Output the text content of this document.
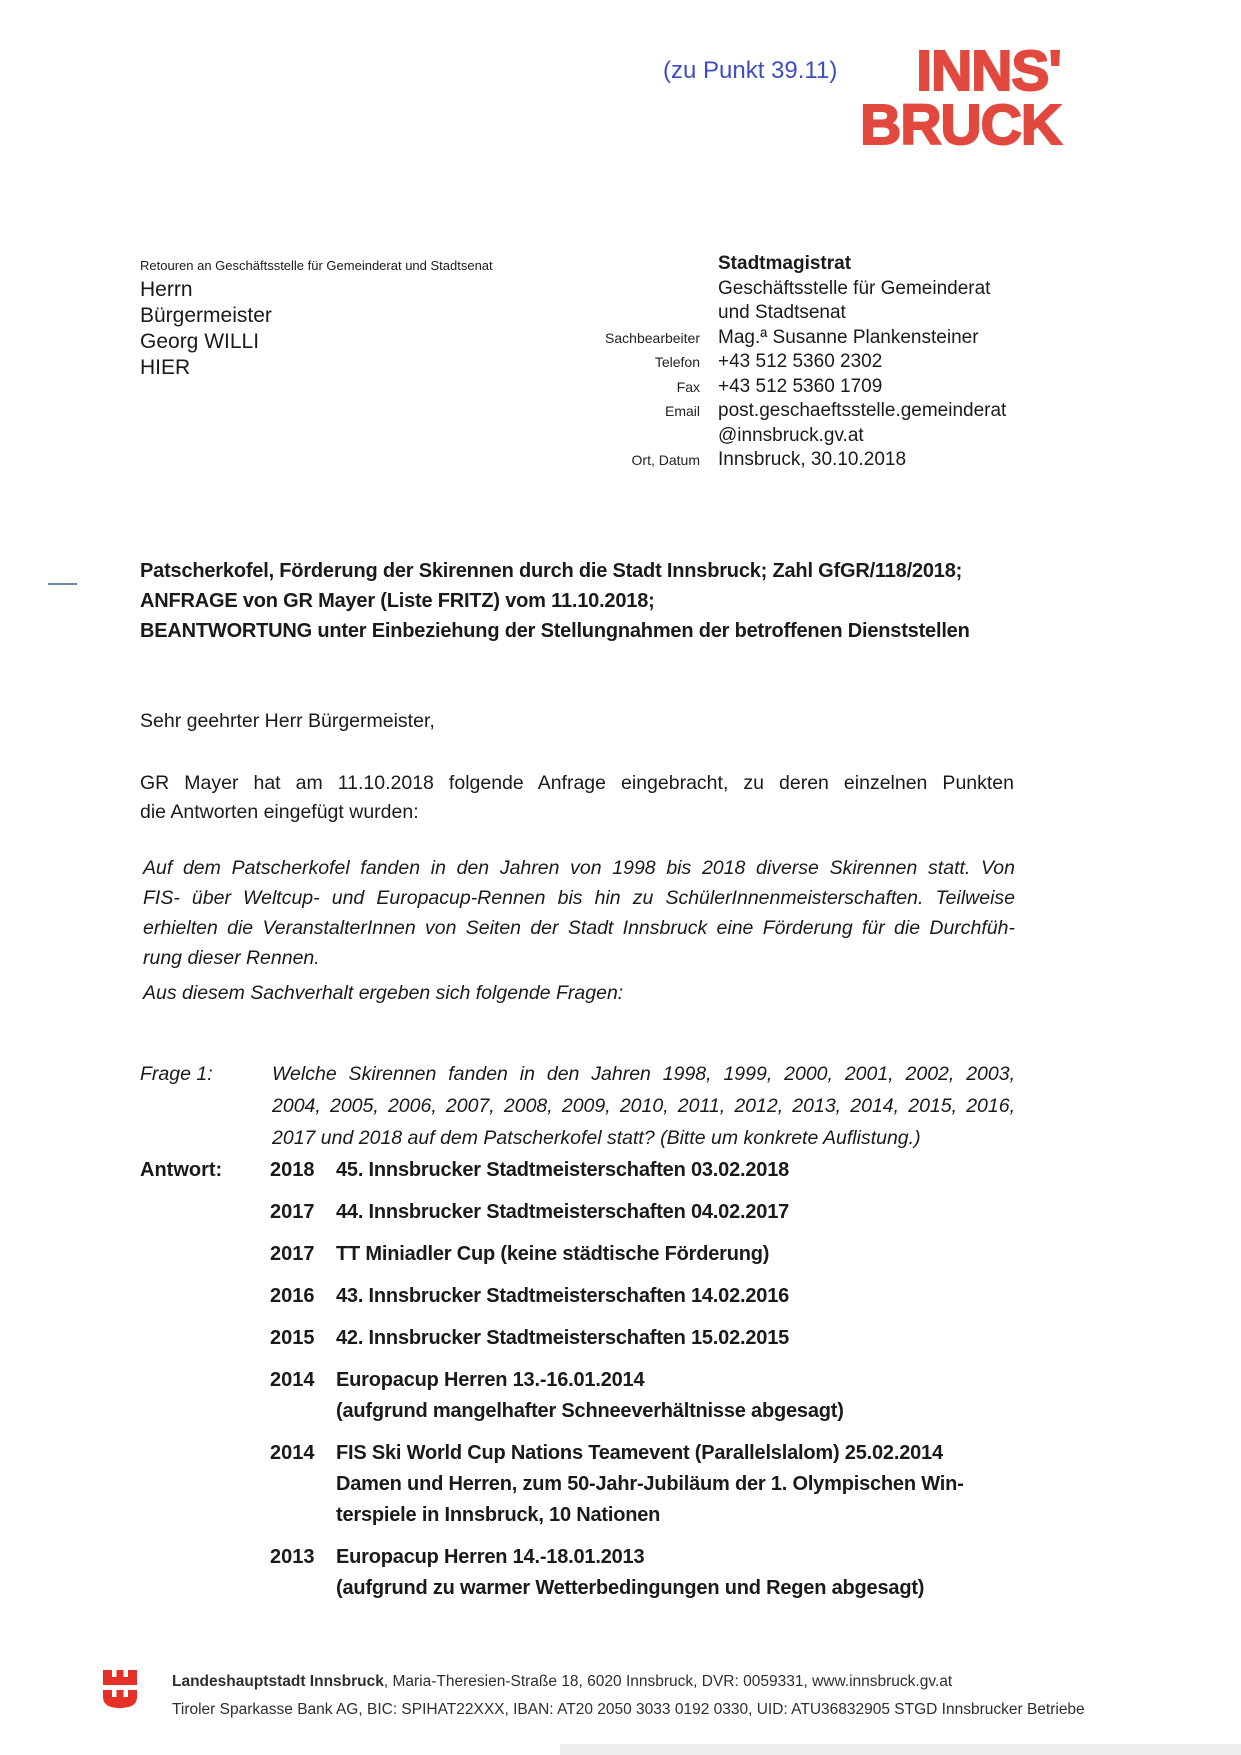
(zu Punkt 39.11)	INNS'
BRUCK
Retouren an Geschäftsstelle für Gemeinderat und Stadtsenat
Herrn
Bürgermeister
Georg WILLI
HIER
Stadtmagistrat
Geschäftsstelle für Gemeinderat
und Stadtsenat
Sachbearbeiter Mag.ª Susanne Plankensteiner
Telefon +43 512 5360 2302
Fax +43 512 5360 1709
Email post.geschaeftsstelle.gemeinderat
@innsbruck.gv.at
Ort, Datum Innsbruck, 30.10.2018
Patscherkofel, Förderung der Skirennen durch die Stadt Innsbruck; Zahl GfGR/118/2018;
ANFRAGE von GR Mayer (Liste FRITZ) vom 11.10.2018;
BEANTWORTUNG unter Einbeziehung der Stellungnahmen der betroffenen Dienststellen
Sehr geehrter Herr Bürgermeister,
GR Mayer hat am 11.10.2018 folgende Anfrage eingebracht, zu deren einzelnen Punkten
die Antworten eingefügt wurden:
Auf dem Patscherkofel fanden in den Jahren von 1998 bis 2018 diverse Skirennen statt. Von
FIS- über Weltcup- und Europacup-Rennen bis hin zu SchülerInnenmeisterschaften. Teilweise
erhielten die VeranstalterInnen von Seiten der Stadt Innsbruck eine Förderung für die Durchfüh-
rung dieser Rennen.
Aus diesem Sachverhalt ergeben sich folgende Fragen:
Frage 1:	Welche Skirennen fanden in den Jahren 1998, 1999, 2000, 2001, 2002, 2003,
2004, 2005, 2006, 2007, 2008, 2009, 2010, 2011, 2012, 2013, 2014, 2015, 2016,
2017 und 2018 auf dem Patscherkofel statt? (Bitte um konkrete Auflistung.)
Antwort:	2018	45. Innsbrucker Stadtmeisterschaften 03.02.2018
2017	44. Innsbrucker Stadtmeisterschaften 04.02.2017
2017	TT Miniadler Cup (keine städtische Förderung)
2016	43. Innsbrucker Stadtmeisterschaften 14.02.2016
2015	42. Innsbrucker Stadtmeisterschaften 15.02.2015
2014	Europacup Herren 13.-16.01.2014
(aufgrund mangelhafter Schneeverhältnisse abgesagt)
2014	FIS Ski World Cup Nations Teamevent (Parallelslalom) 25.02.2014
Damen und Herren, zum 50-Jahr-Jubiläum der 1. Olympischen Win-
terspiele in Innsbruck, 10 Nationen
2013	Europacup Herren 14.-18.01.2013
(aufgrund zu warmer Wetterbedingungen und Regen abgesagt)
Landeshauptstadt Innsbruck, Maria-Theresien-Straße 18, 6020 Innsbruck, DVR: 0059331, www.innsbruck.gv.at
Tiroler Sparkasse Bank AG, BIC: SPIHAT22XXX, IBAN: AT20 2050 3033 0192 0330, UID: ATU36832905 STGD Innsbrucker Betriebe
